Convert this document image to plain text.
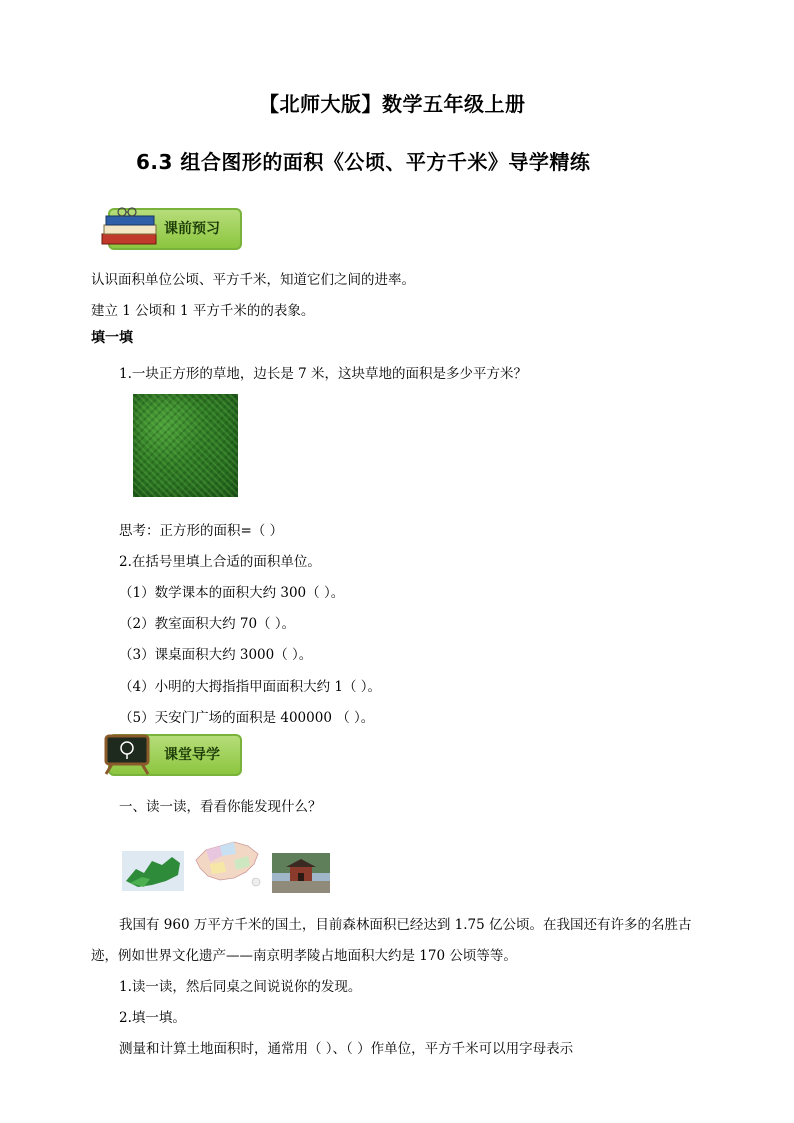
【北师大版】数学五年级上册
6.3 组合图形的面积《公顷、平方千米》导学精练
课前预习
认识面积单位公顷、平方千米，知道它们之间的进率。
建立 1 公顷和 1 平方千米的的表象。
填一填
1.一块正方形的草地，边长是 7 米，这块草地的面积是多少平方米？
思考：正方形的面积=（ ）
2.在括号里填上合适的面积单位。
（1）数学课本的面积大约 300（ ）。
（2）教室面积大约 70（ ）。
（3）课桌面积大约 3000（ ）。
（4）小明的大拇指指甲面面积大约 1（ ）。
（5）天安门广场的面积是 400000 （ ）。
课堂导学
一、读一读，看看你能发现什么？
我国有 960 万平方千米的国土，目前森林面积已经达到 1.75 亿公顷。在我国还有许多的名胜古
迹，例如世界文化遗产——南京明孝陵占地面积大约是 170 公顷等等。
1.读一读，然后同桌之间说说你的发现。
2.填一填。
测量和计算土地面积时，通常用（ ）、（ ）作单位，平方千米可以用字母表示
